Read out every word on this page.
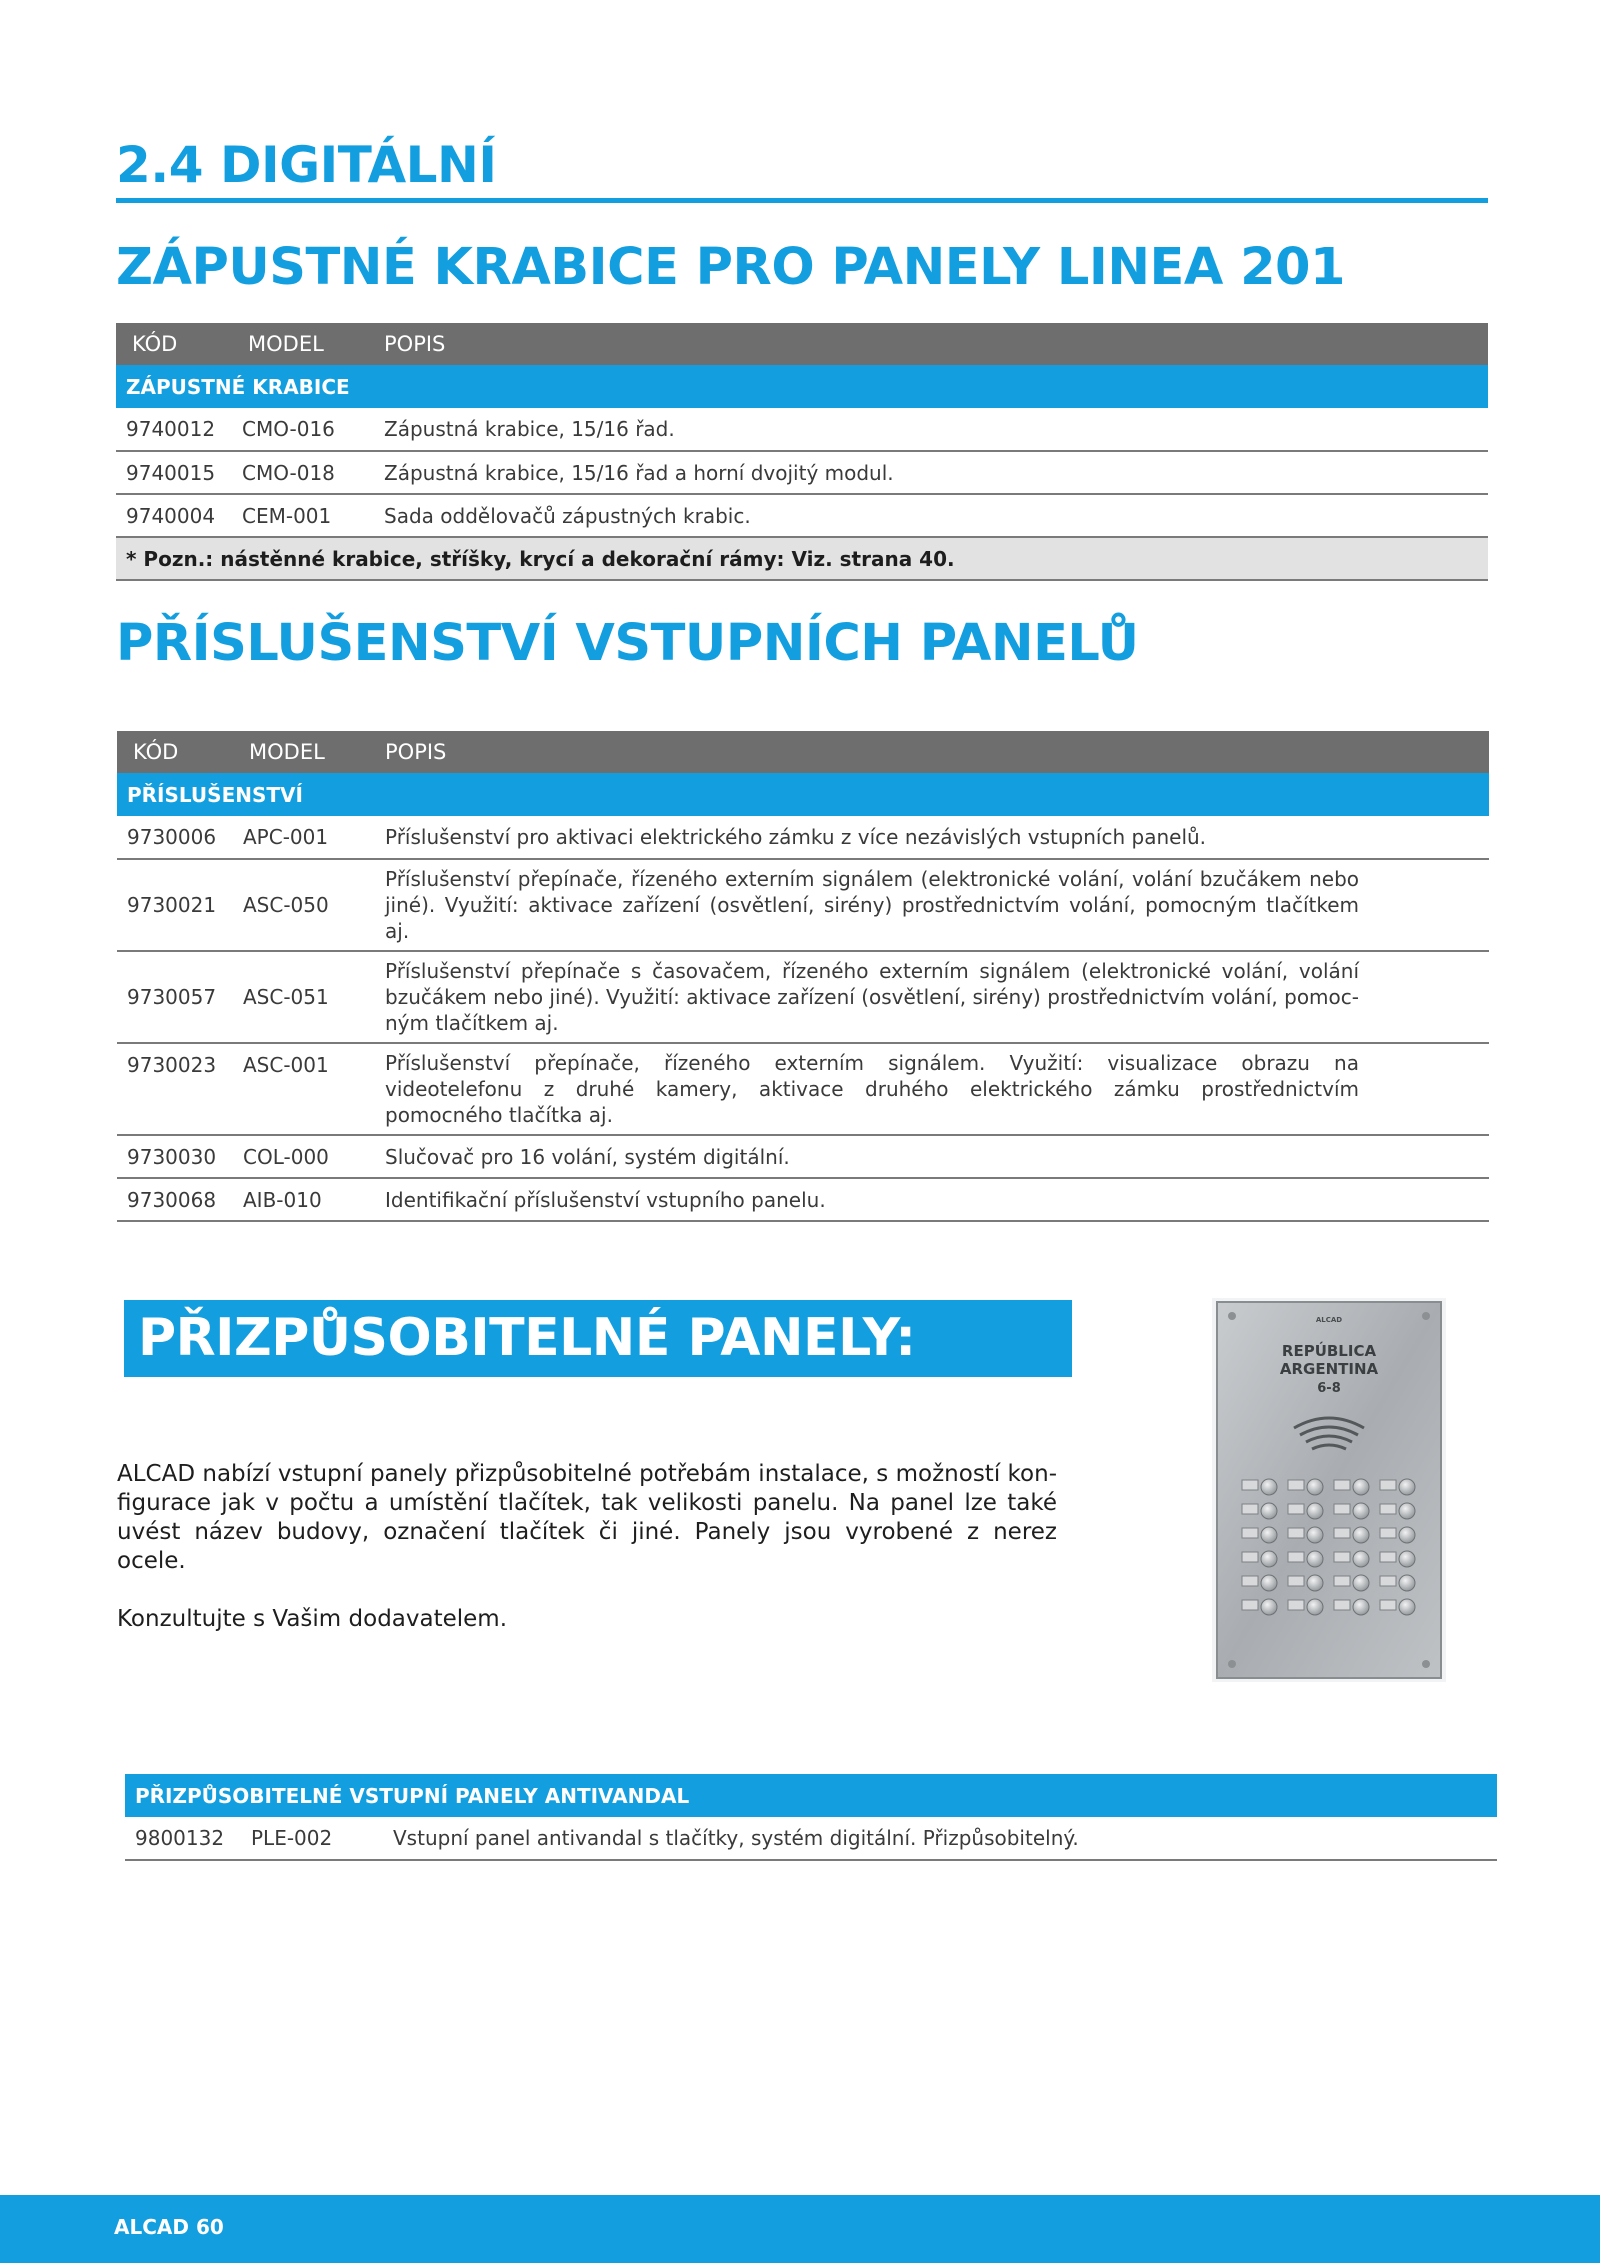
2.4 DIGITÁLNÍ
ZÁPUSTNÉ KRABICE PRO PANELY LINEA 201
KÓD	MODEL	POPIS
ZÁPUSTNÉ KRABICE		
9740012	CMO-016	Zápustná krabice, 15/16 řad.
9740015	CMO-018	Zápustná krabice, 15/16 řad a horní dvojitý modul.
9740004	CEM-001	Sada oddělovačů zápustných krabic.
* Pozn.: nástěnné krabice, stříšky, krycí a dekorační rámy: Viz. strana 40.		
PŘÍSLUŠENSTVÍ VSTUPNÍCH PANELŮ
KÓD	MODEL	POPIS
PŘÍSLUŠENSTVÍ		
9730006	APC-001	Příslušenství pro aktivaci elektrického zámku z více nezávislých vstupních panelů.
9730021	ASC-050	Příslušenství přepínače, řízeného externím signálem (elektronické volání, volání bzučákem nebo jiné). Využití: aktivace zařízení (osvětlení, sirény) prostřednictvím volání, pomocným tlačítkem aj.
9730057	ASC-051	Příslušenství přepínače s časovačem, řízeného externím signálem (elektronické volání, volání bzučákem nebo jiné). Využití: aktivace zařízení (osvětlení, sirény) prostřednictvím volání, pomoc-ným tlačítkem aj.
9730023	ASC-001	Příslušenství přepínače, řízeného externím signálem. Využití: visualizace obrazu na videotelefonu z druhé kamery, aktivace druhého elektrického zámku prostřednictvím pomocného tlačítka aj.
9730030	COL-000	Slučovač pro 16 volání, systém digitální.
9730068	AIB-010	Identifikační příslušenství vstupního panelu.
PŘIZPŮSOBITELNÉ PANELY:

ALCAD nabízí vstupní panely přizpůsobitelné potřebám instalace, s možností kon-figurace jak v počtu a umístění tlačítek, tak velikosti panelu. Na panel lze také uvést název budovy, označení tlačítek či jiné. Panely jsou vyrobené z nerez ocele.

Konzultujte s Vašim dodavatelem.

ALCAD
REPÚBLICA
ARGENTINA
6-8
PŘIZPŮSOBITELNÉ VSTUPNÍ PANELY ANTIVANDAL
9800132	PLE-002	Vstupní panel antivandal s tlačítky, systém digitální. Přizpůsobitelný.
ALCAD 60
